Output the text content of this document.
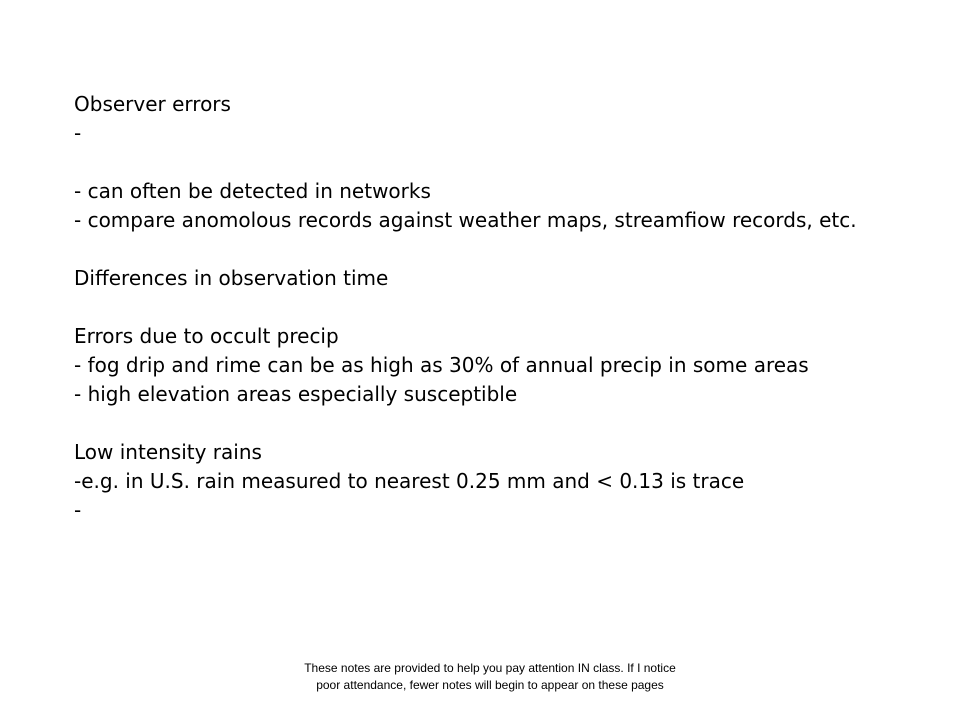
Observer errors
-
- can often be detected in networks
- compare anomolous records against weather maps, streamfiow records, etc.
Differences in observation time
Errors due to occult precip
- fog drip and rime can be as high as 30% of annual precip in some areas
- high elevation areas especially susceptible
Low intensity rains
-e.g. in U.S. rain measured to nearest 0.25 mm and < 0.13 is trace
-
These notes are provided to help you pay attention IN class. If I notice
poor attendance, fewer notes will begin to appear on these pages
